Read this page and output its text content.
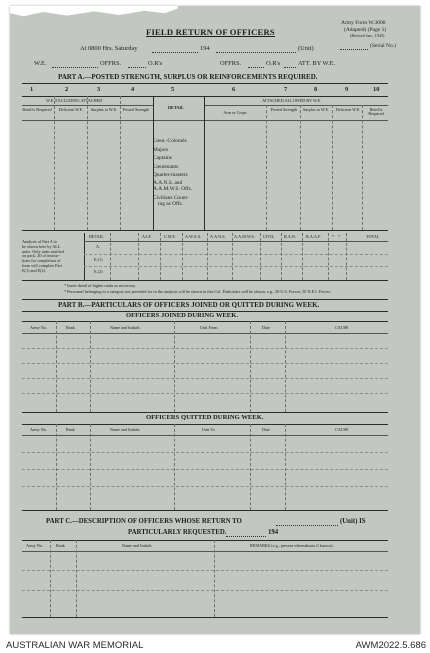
FIELD RETURN OF OFFICERS
Army Form W.3008
(Adapted) (Page 1)
(Revised Jan., 1943)
(Serial No.)
At 0800 Hrs. Saturday	194	(Unit)
W.E.	OFFRS.	O.R's	OFFRS.	O.R's	ATT. BY W.E.
PART A.—POSTED STRENGTH, SURPLUS OR REINFORCEMENTS REQUIRED.
1	2	3	4	5	6	7	8	9	10
W.E. EXCLUDING ATTACHED	ATTACHED ALLOWED BY W.E.
DETAIL
Reinf'ts Required	Deficient W.E.	Surplus to W.E.	Posted Strength
Arm or Corps
Posted Strength Surplus to W.E.	Deficient W.E.	Reinf'ts Required
Lieut.-Colonels
Majors
Captains
Lieutenants
Quarter-masters
A.A.N.S. and
A.A.M.W.S. Offs.
Civilians Count-
ing as Offs.
Analysis of Part A to
be shown here by ALL
units. Only units notified
on pack. 20 of instruc-
tions for completion of
form will complete Part
E(1) and E(2).
DETAIL	A.I.F.	C.M.F. A.W.A.S. A.A.N.S. A.A.M.W.S. CIVIL R.A.N. R.A.A.F.	* *	TOTAL
A.
E.(1)
E.(2)
* Insert detail of higher ranks as necessary.
* Personnel belonging to a category not provided for in the analysis will be shown in this Col. Particulars will be shown, e.g., 50 U.S. Forces; 50 N.E.I. Forces.
PART B.—PARTICULARS OF OFFICERS JOINED OR QUITTED DURING WEEK.
OFFICERS JOINED DURING WEEK.
Army No.	Rank	Name and Initials	Unit From	Date	CAUSE
OFFICERS QUITTED DURING WEEK.
Army No.	Rank	Name and Initials	Unit To	Date	CAUSE
PART C.—DESCRIPTION OF OFFICERS WHOSE RETURN TO	(Unit) IS
PARTICULARLY REQUESTED.	194
Army No.	Rank	Name and Initials	REMARKS (e.g., present whereabouts if known).
AUSTRALIAN WAR MEMORIAL	AWM2022.5.686
